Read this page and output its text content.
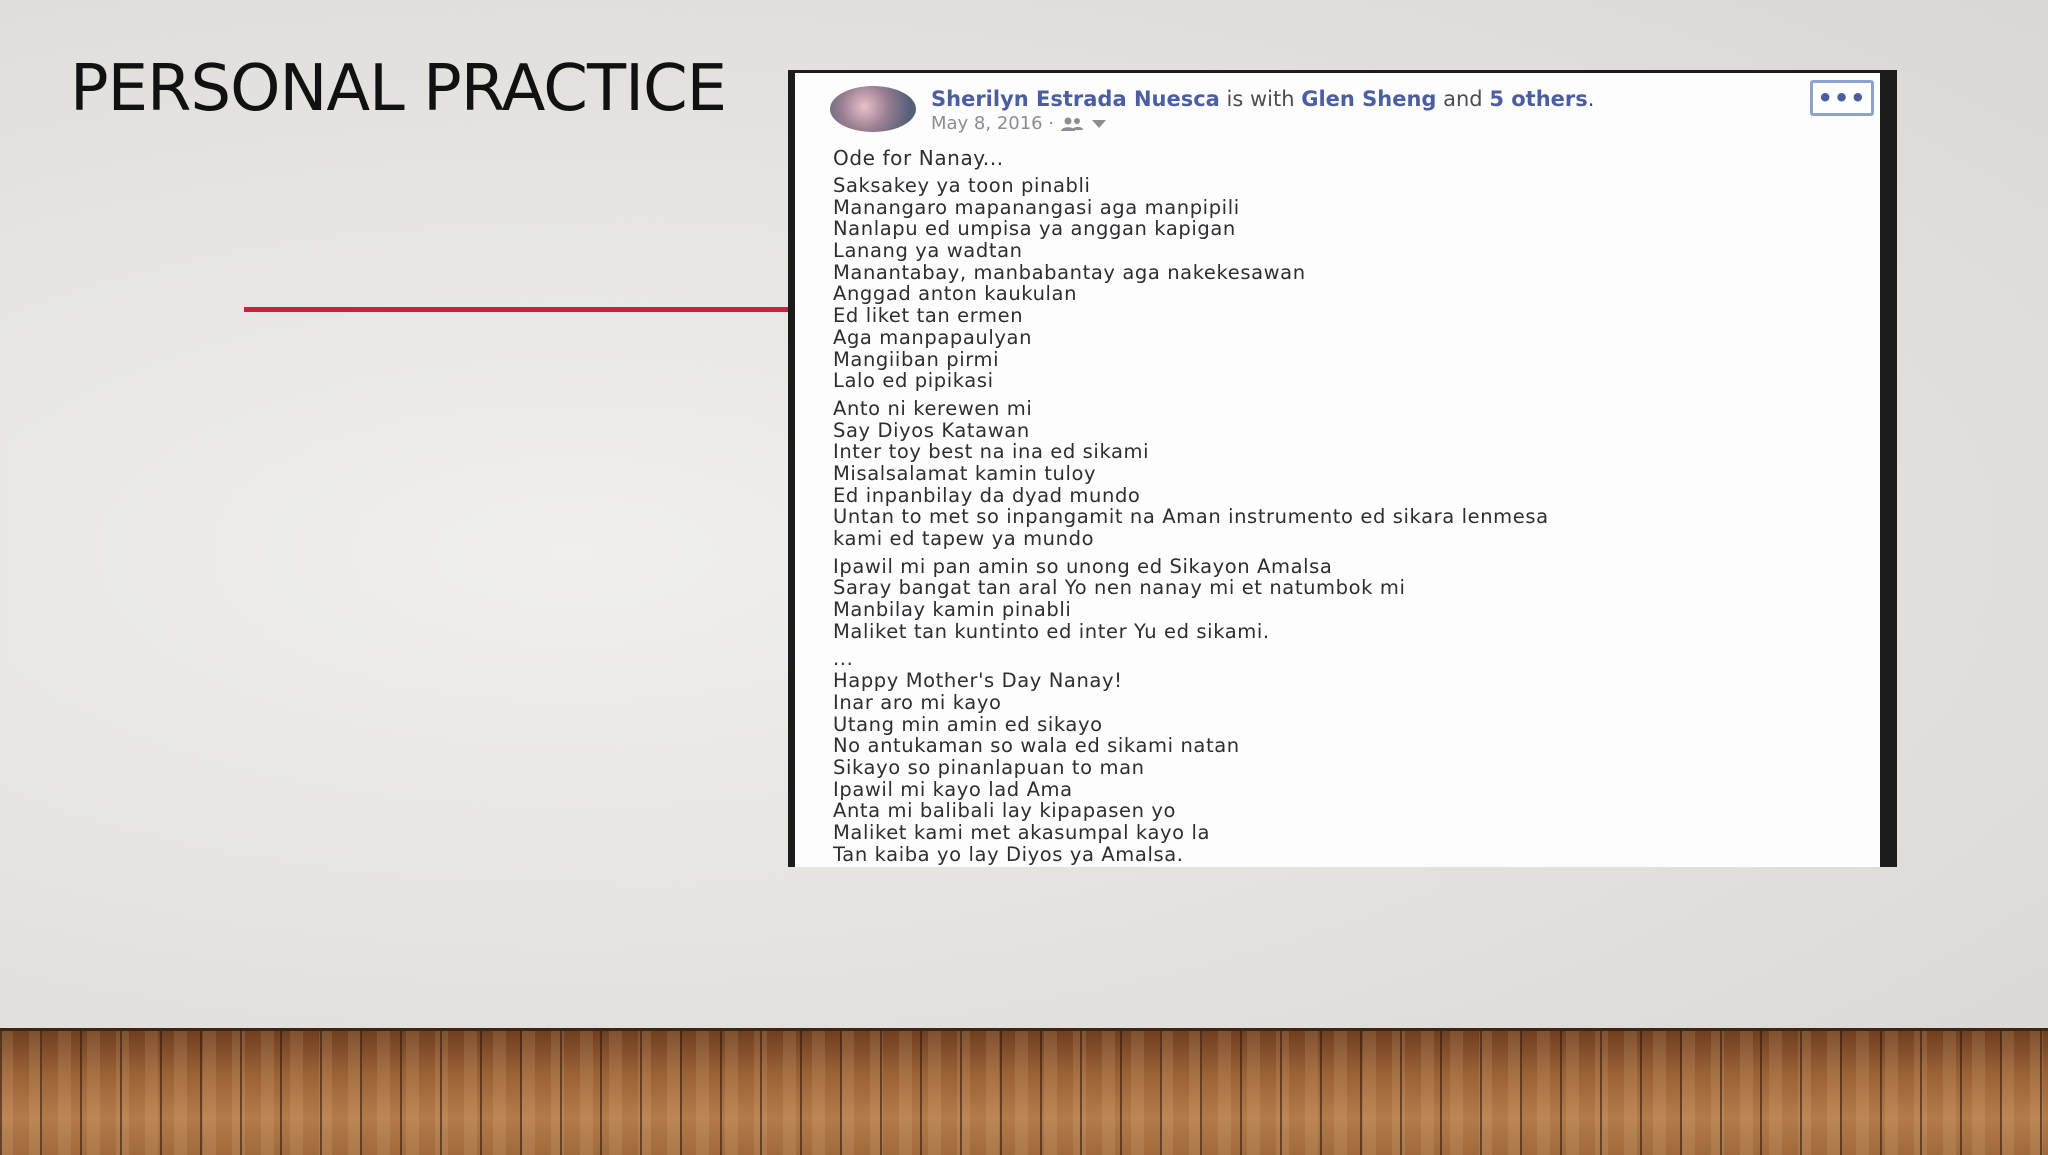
PERSONAL PRACTICE	Sherilyn Estrada Nuesca is with Glen Sheng and 5 others.
May 8, 2016 ·
•••
Ode for Nanay...
Saksakey ya toon pinabli
Manangaro mapanangasi aga manpipili
Nanlapu ed umpisa ya anggan kapigan
Lanang ya wadtan
Manantabay, manbabantay aga nakekesawan
Anggad anton kaukulan
Ed liket tan ermen
Aga manpapaulyan
Mangiiban pirmi
Lalo ed pipikasi
Anto ni kerewen mi
Say Diyos Katawan
Inter toy best na ina ed sikami
Misalsalamat kamin tuloy
Ed inpanbilay da dyad mundo
Untan to met so inpangamit na Aman instrumento ed sikara lenmesa
kami ed tapew ya mundo
Ipawil mi pan amin so unong ed Sikayon Amalsa
Saray bangat tan aral Yo nen nanay mi et natumbok mi
Manbilay kamin pinabli
Maliket tan kuntinto ed inter Yu ed sikami.
...
Happy Mother's Day Nanay!
Inar aro mi kayo
Utang min amin ed sikayo
No antukaman so wala ed sikami natan
Sikayo so pinanlapuan to man
Ipawil mi kayo lad Ama
Anta mi balibali lay kipapasen yo
Maliket kami met akasumpal kayo la
Tan kaiba yo lay Diyos ya Amalsa.
